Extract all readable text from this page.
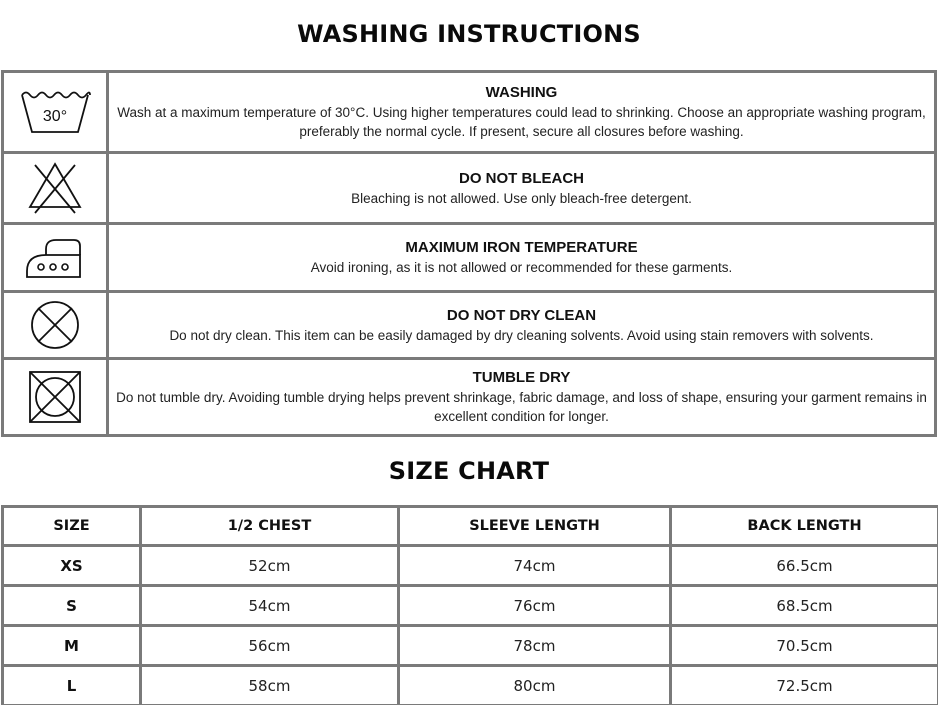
WASHING INSTRUCTIONS
30°	WASHING
Wash at a maximum temperature of 30°C. Using higher temperatures could lead to shrinking. Choose an appropriate washing program, preferably the normal cycle. If present, secure all closures before washing.

DO NOT BLEACH
Bleaching is not allowed. Use only bleach-free detergent.

MAXIMUM IRON TEMPERATURE
Avoid ironing, as it is not allowed or recommended for these garments.

DO NOT DRY CLEAN
Do not dry clean. This item can be easily damaged by dry cleaning solvents. Avoid using stain removers with solvents.

TUMBLE DRY
Do not tumble dry. Avoiding tumble drying helps prevent shrinkage, fabric damage, and loss of shape, ensuring your garment remains in excellent condition for longer.
SIZE CHART
SIZE	1/2 CHEST	SLEEVE LENGTH	BACK LENGTH
XS	52cm	74cm	66.5cm
S	54cm	76cm	68.5cm
M	56cm	78cm	70.5cm
L	58cm	80cm	72.5cm
